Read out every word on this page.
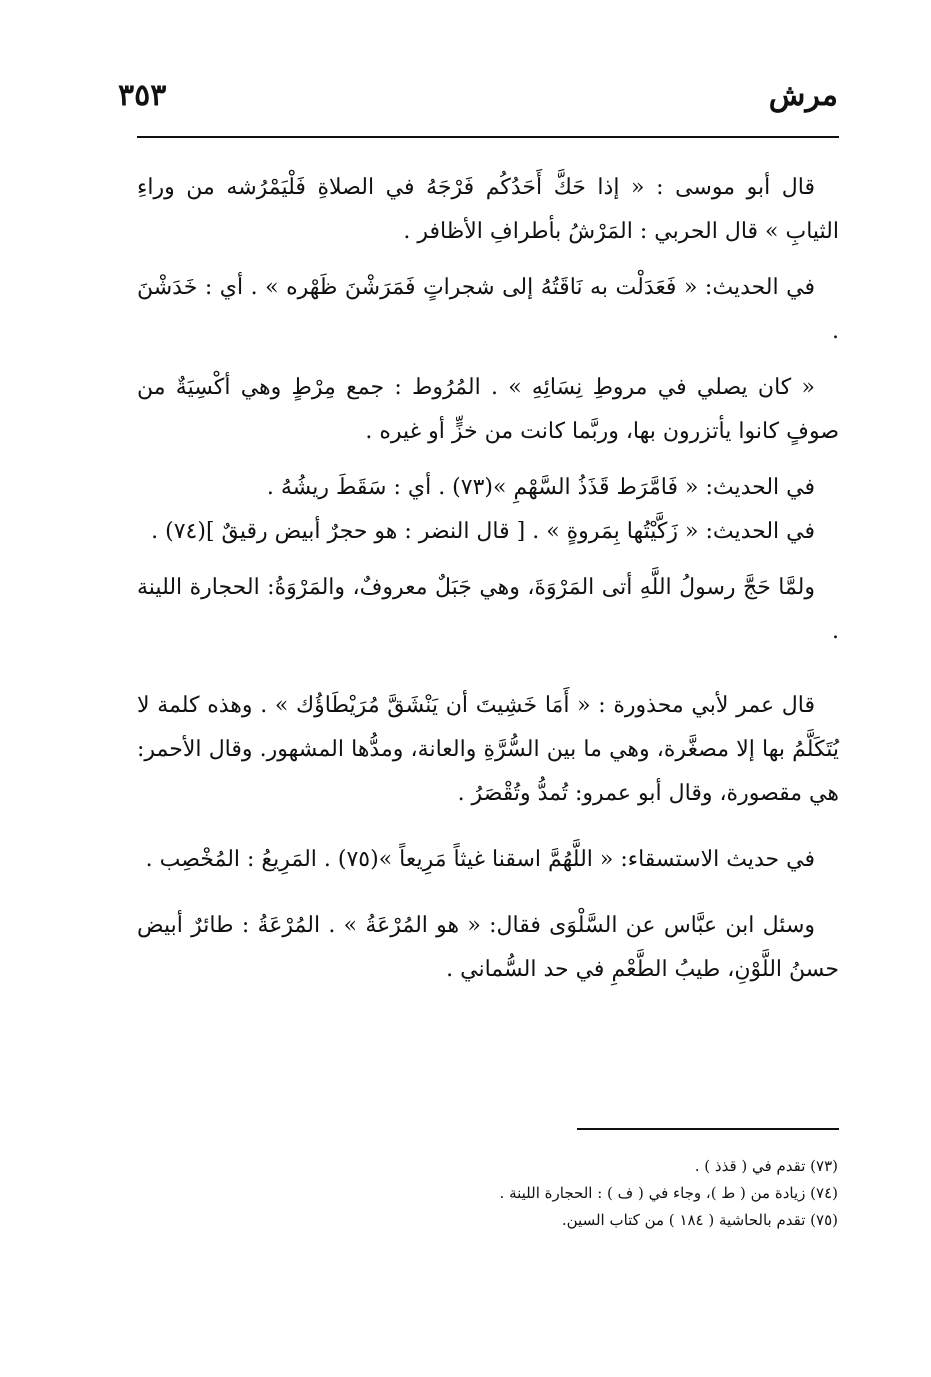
مرش
٣٥٣

قال أبو موسى : « إذا حَكَّ أَحَدُكُم فَرْجَهُ في الصلاةِ فَلْيَمْرُشه من وراءِ الثيابِ » قال الحربي : المَرْشُ بأطرافِ الأظافر .

في الحديث: « فَعَدَلْت به نَاقَتُهُ إلى شجراتٍ فَمَرَشْنَ ظَهْره » . أي : خَدَشْنَ .

« كان يصلي في مروطِ نِسَائِهِ » . المُرُوط : جمع مِرْطٍ وهي أكْسِيَةٌ من صوفٍ كانوا يأتزرون بها، وربَّما كانت من خزٍّ أو غيره .

في الحديث: « فَامَّرَط قَذَذُ السَّهْمِ »(٧٣) . أي : سَقَطَ ريشُهُ .

في الحديث: « زَكَّيْتُها بِمَروةٍ » . [ قال النضر : هو حجرٌ أبيض رقيقٌ ](٧٤) .

ولمَّا حَجَّ رسولُ اللَّهِ أتى المَرْوَةَ، وهي جَبَلٌ معروفٌ، والمَرْوَةُ: الحجارة اللينة .

قال عمر لأبي محذورة : « أَمَا خَشِيتَ أن يَنْشَقَّ مُرَيْطَاؤُك » . وهذه كلمة لا يُتَكَلَّمُ بها إلا مصغَّرة، وهي ما بين السُّرَّةِ والعانة، ومدُّها المشهور. وقال الأحمر: هي مقصورة، وقال أبو عمرو: تُمدُّ وتُقْصَرُ .

في حديث الاستسقاء: « اللَّهُمَّ اسقنا غيثاً مَرِيعاً »(٧٥) . المَرِيعُ : المُخْصِب .

وسئل ابن عبَّاس عن السَّلْوَى فقال: « هو المُرْعَةُ » . المُرْعَةُ : طائرٌ أبيض حسنُ اللَّوْنِ، طيبُ الطَّعْمِ في حد السُّماني .

(٧٣) تقدم في ( قذذ ) .

(٧٤) زيادة من ( ط )، وجاء في ( ف ) : الحجارة اللينة .

(٧٥) تقدم بالحاشية ( ١٨٤ ) من كتاب السين.
